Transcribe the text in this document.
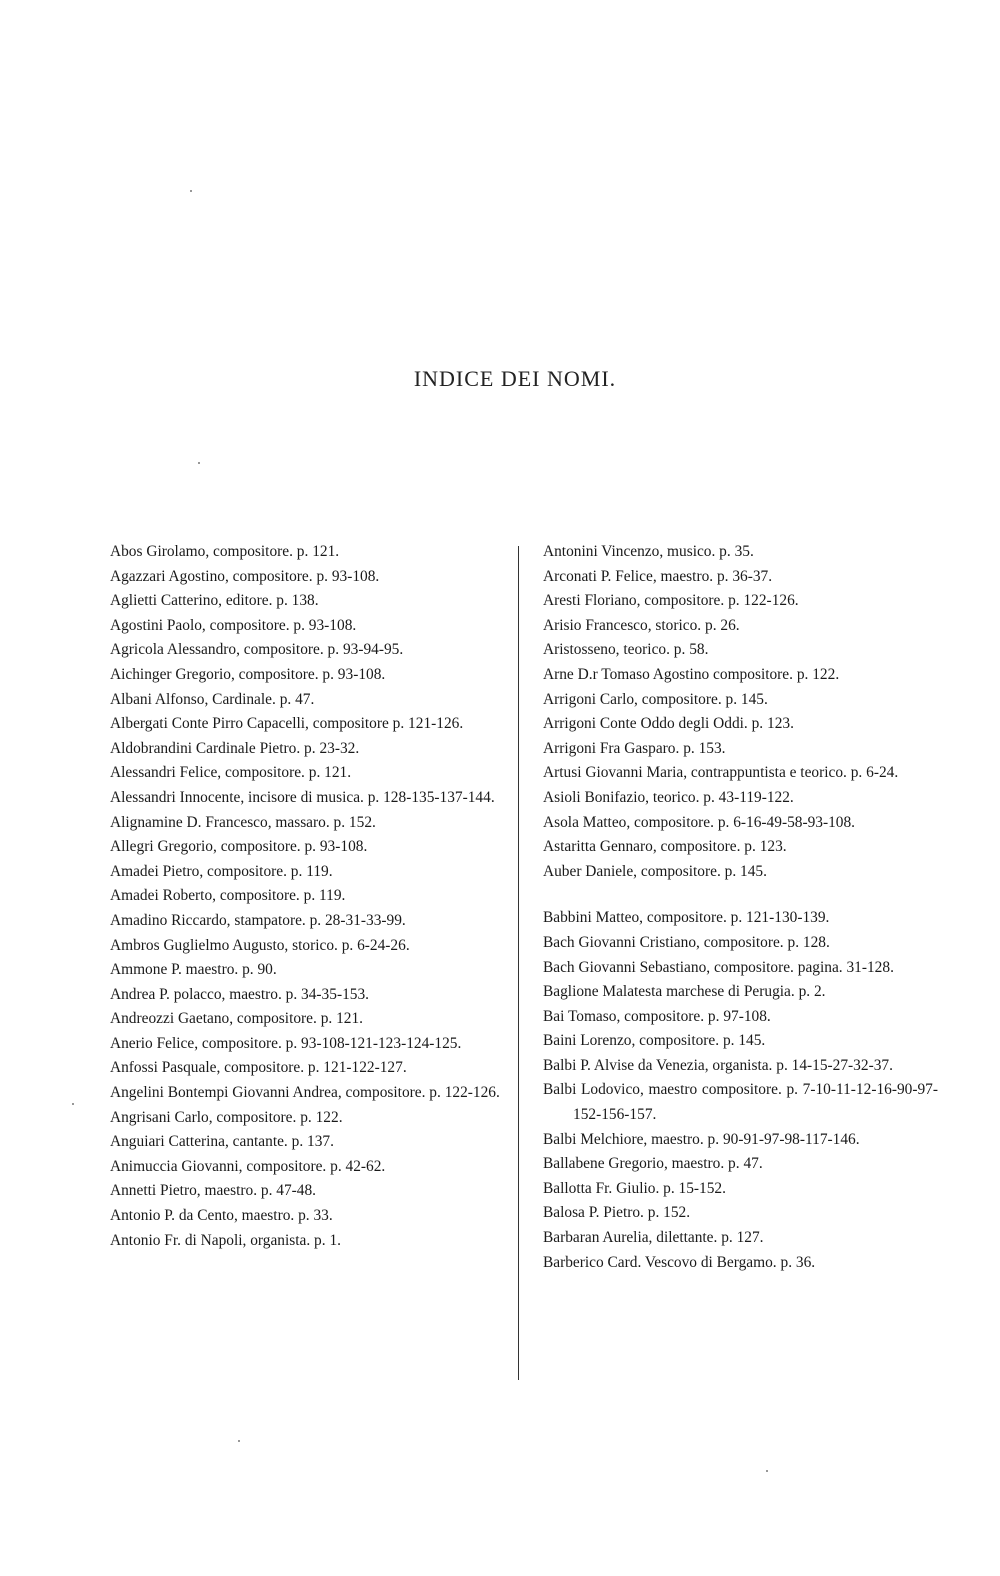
INDICE DEI NOMI.
Abos Girolamo, compositore. p. 121.
Agazzari Agostino, compositore. p. 93-108.
Aglietti Catterino, editore. p. 138.
Agostini Paolo, compositore. p. 93-108.
Agricola Alessandro, compositore. p. 93-94-95.
Aichinger Gregorio, compositore. p. 93-108.
Albani Alfonso, Cardinale. p. 47.
Albergati Conte Pirro Capacelli, compositore p. 121-126.
Aldobrandini Cardinale Pietro. p. 23-32.
Alessandri Felice, compositore. p. 121.
Alessandri Innocente, incisore di musica. p. 128-135-137-144.
Alignamine D. Francesco, massaro. p. 152.
Allegri Gregorio, compositore. p. 93-108.
Amadei Pietro, compositore. p. 119.
Amadei Roberto, compositore. p. 119.
Amadino Riccardo, stampatore. p. 28-31-33-99.
Ambros Guglielmo Augusto, storico. p. 6-24-26.
Ammone P. maestro. p. 90.
Andrea P. polacco, maestro. p. 34-35-153.
Andreozzi Gaetano, compositore. p. 121.
Anerio Felice, compositore. p. 93-108-121-123-124-125.
Anfossi Pasquale, compositore. p. 121-122-127.
Angelini Bontempi Giovanni Andrea, compositore. p. 122-126.
Angrisani Carlo, compositore. p. 122.
Anguiari Catterina, cantante. p. 137.
Animuccia Giovanni, compositore. p. 42-62.
Annetti Pietro, maestro. p. 47-48.
Antonio P. da Cento, maestro. p. 33.
Antonio Fr. di Napoli, organista. p. 1.
Antonini Vincenzo, musico. p. 35.
Arconati P. Felice, maestro. p. 36-37.
Aresti Floriano, compositore. p. 122-126.
Arisio Francesco, storico. p. 26.
Aristosseno, teorico. p. 58.
Arne D.r Tomaso Agostino compositore. p. 122.
Arrigoni Carlo, compositore. p. 145.
Arrigoni Conte Oddo degli Oddi. p. 123.
Arrigoni Fra Gasparo. p. 153.
Artusi Giovanni Maria, contrappuntista e teorico. p. 6-24.
Asioli Bonifazio, teorico. p. 43-119-122.
Asola Matteo, compositore. p. 6-16-49-58-93-108.
Astaritta Gennaro, compositore. p. 123.
Auber Daniele, compositore. p. 145.
Babbini Matteo, compositore. p. 121-130-139.
Bach Giovanni Cristiano, compositore. p. 128.
Bach Giovanni Sebastiano, compositore. pagina. 31-128.
Baglione Malatesta marchese di Perugia. p. 2.
Bai Tomaso, compositore. p. 97-108.
Baini Lorenzo, compositore. p. 145.
Balbi P. Alvise da Venezia, organista. p. 14-15-27-32-37.
Balbi Lodovico, maestro compositore. p. 7-10-11-12-16-90-97-152-156-157.
Balbi Melchiore, maestro. p. 90-91-97-98-117-146.
Ballabene Gregorio, maestro. p. 47.
Ballotta Fr. Giulio. p. 15-152.
Balosa P. Pietro. p. 152.
Barbaran Aurelia, dilettante. p. 127.
Barberico Card. Vescovo di Bergamo. p. 36.
